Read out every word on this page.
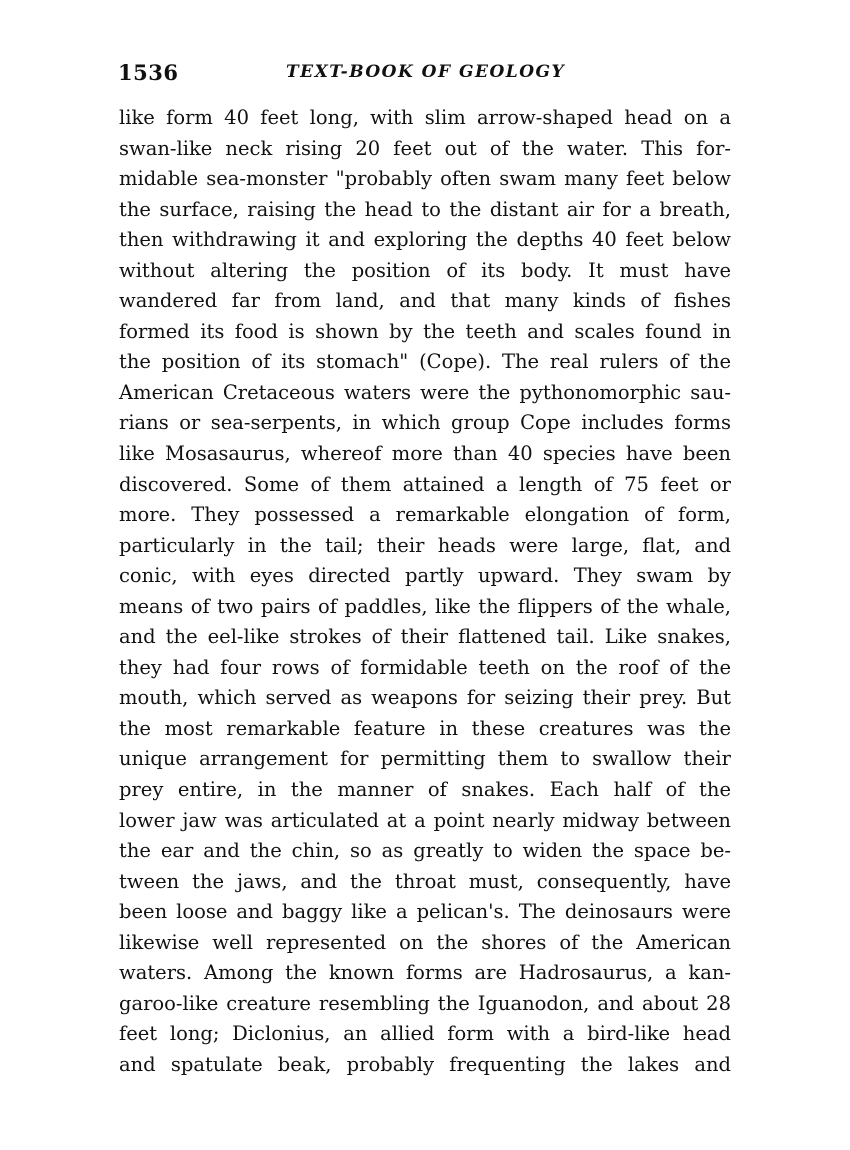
1536	TEXT-BOOK OF GEOLOGY
like form 40 feet long, with slim arrow-shaped head on a
swan-like neck rising 20 feet out of the water. This for-
midable sea-monster "probably often swam many feet below
the surface, raising the head to the distant air for a breath,
then withdrawing it and exploring the depths 40 feet below
without altering the position of its body. It must have
wandered far from land, and that many kinds of fishes
formed its food is shown by the teeth and scales found in
the position of its stomach" (Cope). The real rulers of the
American Cretaceous waters were the pythonomorphic sau-
rians or sea-serpents, in which group Cope includes forms
like Mosasaurus, whereof more than 40 species have been
discovered. Some of them attained a length of 75 feet or
more. They possessed a remarkable elongation of form,
particularly in the tail; their heads were large, flat, and
conic, with eyes directed partly upward. They swam by
means of two pairs of paddles, like the flippers of the whale,
and the eel-like strokes of their flattened tail. Like snakes,
they had four rows of formidable teeth on the roof of the
mouth, which served as weapons for seizing their prey. But
the most remarkable feature in these creatures was the
unique arrangement for permitting them to swallow their
prey entire, in the manner of snakes. Each half of the
lower jaw was articulated at a point nearly midway between
the ear and the chin, so as greatly to widen the space be-
tween the jaws, and the throat must, consequently, have
been loose and baggy like a pelican's. The deinosaurs were
likewise well represented on the shores of the American
waters. Among the known forms are Hadrosaurus, a kan-
garoo-like creature resembling the Iguanodon, and about 28
feet long; Diclonius, an allied form with a bird-like head
and spatulate beak, probably frequenting the lakes and
